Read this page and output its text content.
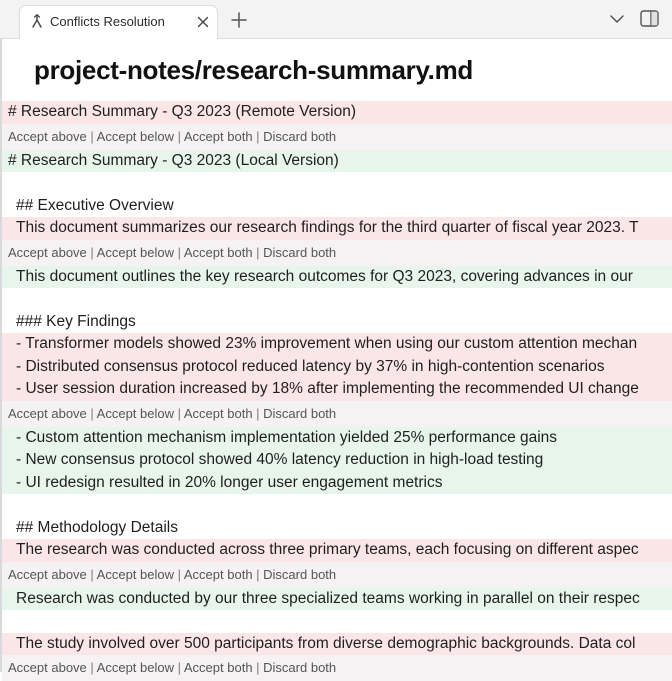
Conflicts Resolution
project-notes/research-summary.md
# Research Summary - Q3 2023 (Remote Version)
Accept above | Accept below | Accept both | Discard both
# Research Summary - Q3 2023 (Local Version)
## Executive Overview
This document summarizes our research findings for the third quarter of fiscal year 2023. T
Accept above | Accept below | Accept both | Discard both
This document outlines the key research outcomes for Q3 2023, covering advances in our
### Key Findings
- Transformer models showed 23% improvement when using our custom attention mechan
- Distributed consensus protocol reduced latency by 37% in high-contention scenarios
- User session duration increased by 18% after implementing the recommended UI change
Accept above | Accept below | Accept both | Discard both
- Custom attention mechanism implementation yielded 25% performance gains
- New consensus protocol showed 40% latency reduction in high-load testing
- UI redesign resulted in 20% longer user engagement metrics
## Methodology Details
The research was conducted across three primary teams, each focusing on different aspec
Accept above | Accept below | Accept both | Discard both
Research was conducted by our three specialized teams working in parallel on their respec
The study involved over 500 participants from diverse demographic backgrounds. Data col
Accept above | Accept below | Accept both | Discard both
